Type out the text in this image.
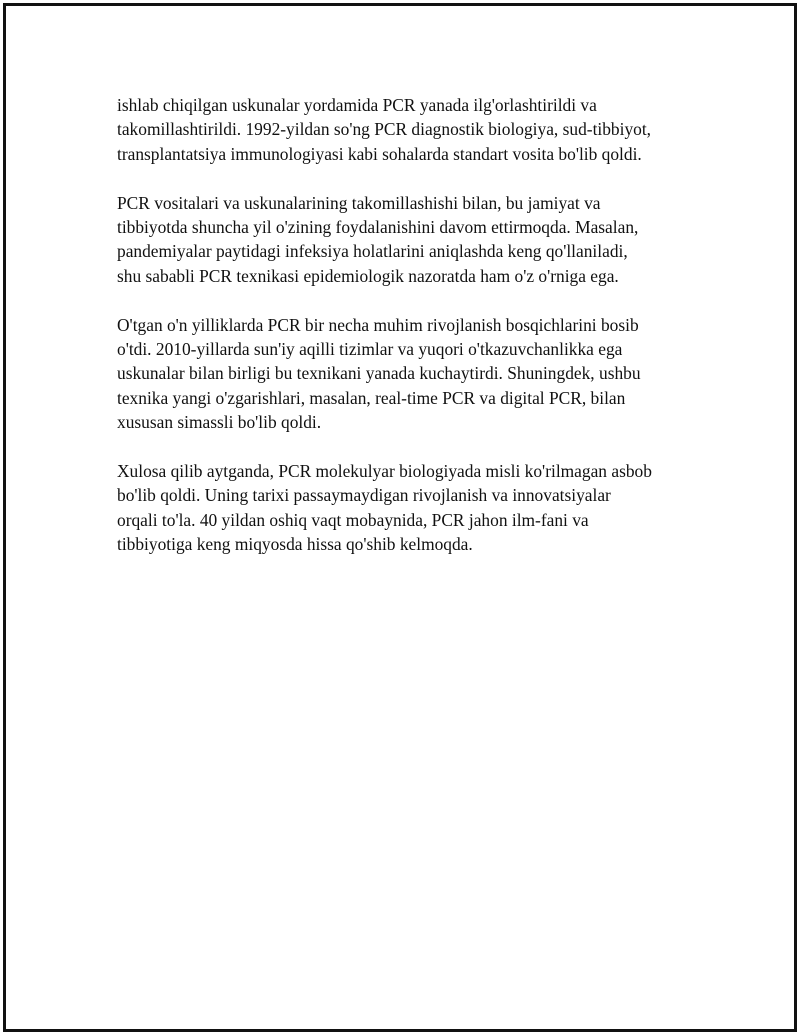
ishlab chiqilgan uskunalar yordamida PCR yanada ilg'orlashtirildi va
takomillashtirildi. 1992-yildan so'ng PCR diagnostik biologiya, sud-tibbiyot,
transplantatsiya immunologiyasi kabi sohalarda standart vosita bo'lib qoldi.

PCR vositalari va uskunalarining takomillashishi bilan, bu jamiyat va
tibbiyotda shuncha yil o'zining foydalanishini davom ettirmoqda. Masalan,
pandemiyalar paytidagi infeksiya holatlarini aniqlashda keng qo'llaniladi,
shu sababli PCR texnikasi epidemiologik nazoratda ham o'z o'rniga ega.

O'tgan o'n yilliklarda PCR bir necha muhim rivojlanish bosqichlarini bosib
o'tdi. 2010-yillarda sun'iy aqilli tizimlar va yuqori o'tkazuvchanlikka ega
uskunalar bilan birligi bu texnikani yanada kuchaytirdi. Shuningdek, ushbu
texnika yangi o'zgarishlari, masalan, real-time PCR va digital PCR, bilan
xususan simassli bo'lib qoldi.

Xulosa qilib aytganda, PCR molekulyar biologiyada misli ko'rilmagan asbob
bo'lib qoldi. Uning tarixi passaymaydigan rivojlanish va innovatsiyalar
orqali to'la. 40 yildan oshiq vaqt mobaynida, PCR jahon ilm-fani va
tibbiyotiga keng miqyosda hissa qo'shib kelmoqda.
